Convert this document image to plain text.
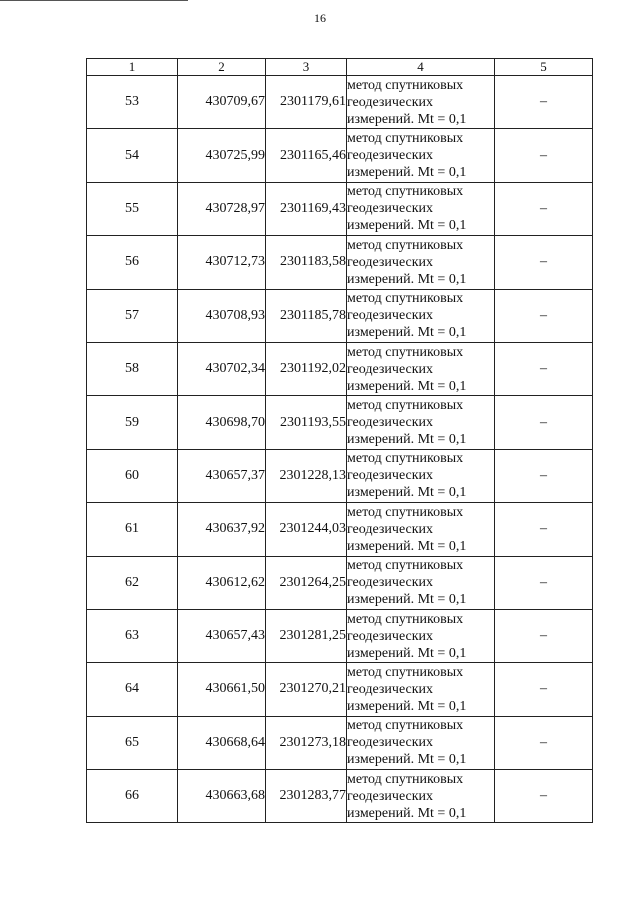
16
1	2	3	4	5
53	430709,67	2301179,61	метод спутниковых
геодезических
измерений. Mt = 0,1	–
54	430725,99	2301165,46	метод спутниковых
геодезических
измерений. Mt = 0,1	–
55	430728,97	2301169,43	метод спутниковых
геодезических
измерений. Mt = 0,1	–
56	430712,73	2301183,58	метод спутниковых
геодезических
измерений. Mt = 0,1	–
57	430708,93	2301185,78	метод спутниковых
геодезических
измерений. Mt = 0,1	–
58	430702,34	2301192,02	метод спутниковых
геодезических
измерений. Mt = 0,1	–
59	430698,70	2301193,55	метод спутниковых
геодезических
измерений. Mt = 0,1	–
60	430657,37	2301228,13	метод спутниковых
геодезических
измерений. Mt = 0,1	–
61	430637,92	2301244,03	метод спутниковых
геодезических
измерений. Mt = 0,1	–
62	430612,62	2301264,25	метод спутниковых
геодезических
измерений. Mt = 0,1	–
63	430657,43	2301281,25	метод спутниковых
геодезических
измерений. Mt = 0,1	–
64	430661,50	2301270,21	метод спутниковых
геодезических
измерений. Mt = 0,1	–
65	430668,64	2301273,18	метод спутниковых
геодезических
измерений. Mt = 0,1	–
66	430663,68	2301283,77	метод спутниковых
геодезических
измерений. Mt = 0,1	–
